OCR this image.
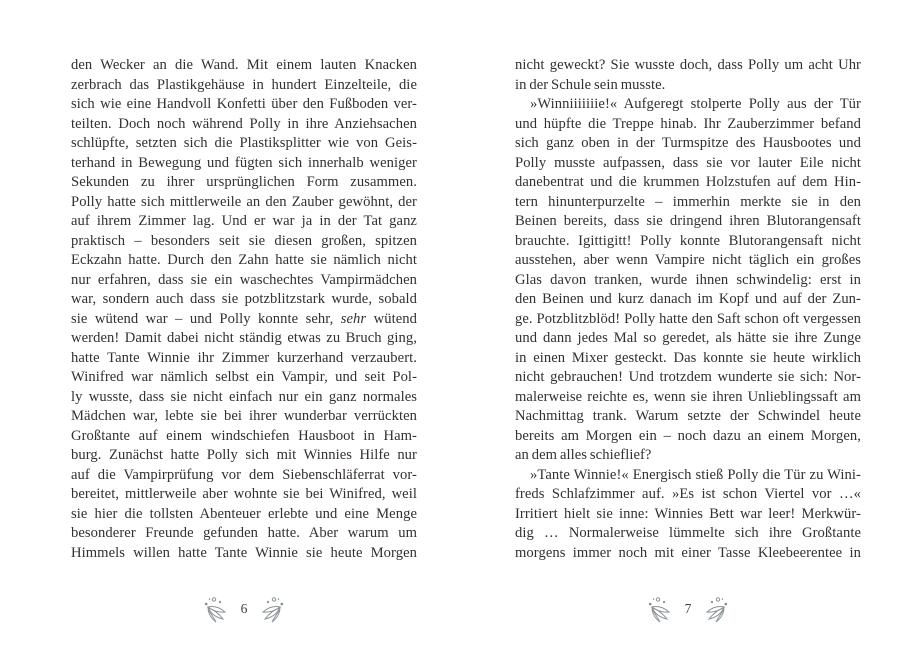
den Wecker an die Wand. Mit einem lauten Knacken
zerbrach das Plastikgehäuse in hundert Einzelteile, die
sich wie eine Handvoll Konfetti über den Fußboden ver-
teilten. Doch noch während Polly in ihre Anziehsachen
schlüpfte, setzten sich die Plastiksplitter wie von Geis-
terhand in Bewegung und fügten sich innerhalb weniger
Sekunden zu ihrer ursprünglichen Form zusammen.
Polly hatte sich mittlerweile an den Zauber gewöhnt, der
auf ihrem Zimmer lag. Und er war ja in der Tat ganz
praktisch – besonders seit sie diesen großen, spitzen
Eckzahn hatte. Durch den Zahn hatte sie nämlich nicht
nur erfahren, dass sie ein waschechtes Vampirmädchen
war, sondern auch dass sie potzblitzstark wurde, sobald
sie wütend war – und Polly konnte sehr, sehr wütend
werden! Damit dabei nicht ständig etwas zu Bruch ging,
hatte Tante Winnie ihr Zimmer kurzerhand verzaubert.
Winifred war nämlich selbst ein Vampir, und seit Pol-
ly wusste, dass sie nicht einfach nur ein ganz normales
Mädchen war, lebte sie bei ihrer wunderbar verrückten
Großtante auf einem windschiefen Hausboot in Ham-
burg. Zunächst hatte Polly sich mit Winnies Hilfe nur
auf die Vampirprüfung vor dem Siebenschläferrat vor-
bereitet, mittlerweile aber wohnte sie bei Winifred, weil
sie hier die tollsten Abenteuer erlebte und eine Menge
besonderer Freunde gefunden hatte. Aber warum um
Himmels willen hatte Tante Winnie sie heute Morgen
nicht geweckt? Sie wusste doch, dass Polly um acht Uhr
in der Schule sein musste.
»Winniiiiiiie!« Aufgeregt stolperte Polly aus der Tür
und hüpfte die Treppe hinab. Ihr Zauberzimmer befand
sich ganz oben in der Turmspitze des Hausbootes und
Polly musste aufpassen, dass sie vor lauter Eile nicht
danebentrat und die krummen Holzstufen auf dem Hin-
tern hinunterpurzelte – immerhin merkte sie in den
Beinen bereits, dass sie dringend ihren Blutorangensaft
brauchte. Igittigitt! Polly konnte Blutorangensaft nicht
ausstehen, aber wenn Vampire nicht täglich ein großes
Glas davon tranken, wurde ihnen schwindelig: erst in
den Beinen und kurz danach im Kopf und auf der Zun-
ge. Potzblitzblöd! Polly hatte den Saft schon oft vergessen
und dann jedes Mal so geredet, als hätte sie ihre Zunge
in einen Mixer gesteckt. Das konnte sie heute wirklich
nicht gebrauchen! Und trotzdem wunderte sie sich: Nor-
malerweise reichte es, wenn sie ihren Unlieblingssaft am
Nachmittag trank. Warum setzte der Schwindel heute
bereits am Morgen ein – noch dazu an einem Morgen,
an dem alles schieflief?
»Tante Winnie!« Energisch stieß Polly die Tür zu Wini-
freds Schlafzimmer auf. »Es ist schon Viertel vor …«
Irritiert hielt sie inne: Winnies Bett war leer! Merkwür-
dig … Normalerweise lümmelte sich ihre Großtante
morgens immer noch mit einer Tasse Kleebeerentee in
6	7
